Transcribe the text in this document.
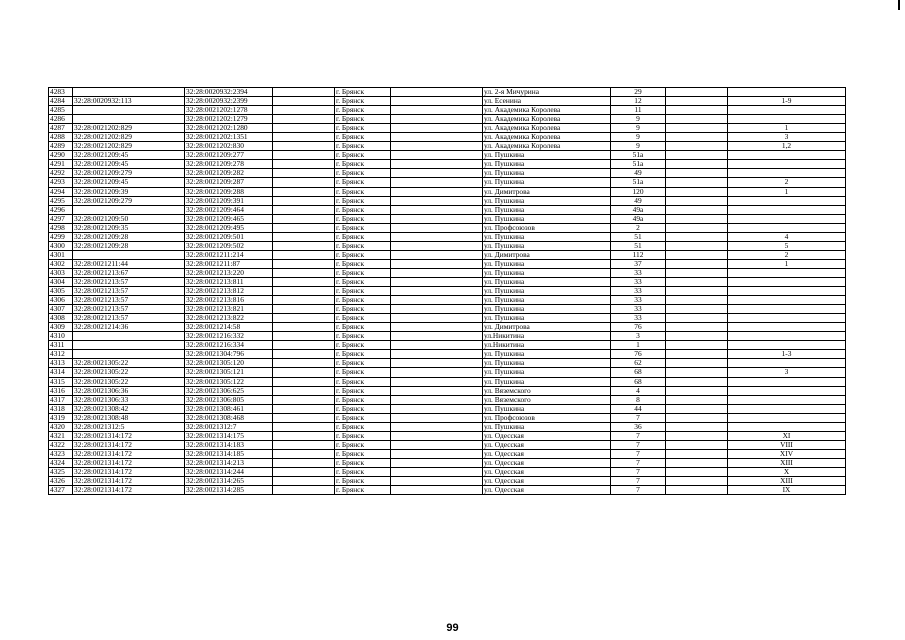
4283		32:28:0020932:2394		г. Брянск		ул. 2-я Мичурина	29		
4284	32:28:0020932:113	32:28:0020932:2399		г. Брянск		ул. Есенина	12		1-9
4285		32:28:0021202:1278		г. Брянск		ул. Академика Королева	11		
4286		32:28:0021202:1279		г. Брянск		ул. Академика Королева	9		
4287	32:28:0021202:829	32:28:0021202:1280		г. Брянск		ул. Академика Королева	9		1
4288	32:28:0021202:829	32:28:0021202:1351		г. Брянск		ул. Академика Королева	9		3
4289	32:28:0021202:829	32:28:0021202:830		г. Брянск		ул. Академика Королева	9		1,2
4290	32:28:0021209:45	32:28:0021209:277		г. Брянск		ул. Пушкина	51а		
4291	32:28:0021209:45	32:28:0021209:278		г. Брянск		ул. Пушкина	51а		
4292	32:28:0021209:279	32:28:0021209:282		г. Брянск		ул. Пушкина	49		
4293	32:28:0021209:45	32:28:0021209:287		г. Брянск		ул. Пушкина	51а		2
4294	32:28:0021209:39	32:28:0021209:288		г. Брянск		ул. Димитрова	120		1
4295	32:28:0021209:279	32:28:0021209:391		г. Брянск		ул. Пушкина	49		
4296		32:28:0021209:464		г. Брянск		ул. Пушкина	49а		
4297	32:28:0021209:50	32:28:0021209:465		г. Брянск		ул. Пушкина	49а		
4298	32:28:0021209:35	32:28:0021209:495		г. Брянск		ул. Профсоюзов	2		
4299	32:28:0021209:28	32:28:0021209:501		г. Брянск		ул. Пушкина	51		4
4300	32:28:0021209:28	32:28:0021209:502		г. Брянск		ул. Пушкина	51		5
4301		32:28:0021211:214		г. Брянск		ул. Димитрова	112		2
4302	32:28:0021211:44	32:28:0021211:87		г. Брянск		ул. Пушкина	37		1
4303	32:28:0021213:67	32:28:0021213:220		г. Брянск		ул. Пушкина	33		
4304	32:28:0021213:57	32:28:0021213:811		г. Брянск		ул. Пушкина	33		
4305	32:28:0021213:57	32:28:0021213:812		г. Брянск		ул. Пушкина	33		
4306	32:28:0021213:57	32:28:0021213:816		г. Брянск		ул. Пушкина	33		
4307	32:28:0021213:57	32:28:0021213:821		г. Брянск		ул. Пушкина	33		
4308	32:28:0021213:57	32:28:0021213:822		г. Брянск		ул. Пушкина	33		
4309	32:28:0021214:36	32:28:0021214:58		г. Брянск		ул. Димитрова	76		
4310		32:28:0021216:332		г. Брянск		ул.Никитина	3		
4311		32:28:0021216:334		г. Брянск		ул.Никитина	1		
4312		32:28:0021304:796		г. Брянск		ул. Пушкина	76		1-3
4313	32:28:0021305:22	32:28:0021305:120		г. Брянск		ул. Пушкина	62		
4314	32:28:0021305:22	32:28:0021305:121		г. Брянск		ул. Пушкина	68		3
4315	32:28:0021305:22	32:28:0021305:122		г. Брянск		ул. Пушкина	68		
4316	32:28:0021306:36	32:28:0021306:625		г. Брянск		ул. Вяземского	4		
4317	32:28:0021306:33	32:28:0021306:805		г. Брянск		ул. Вяземского	8		
4318	32:28:0021308:42	32:28:0021308:461		г. Брянск		ул. Пушкина	44		
4319	32:28:0021308:48	32:28:0021308:468		г. Брянск		ул. Профсоюзов	7		
4320	32:28:0021312:5	32:28:0021312:7		г. Брянск		ул. Пушкина	36		
4321	32:28:0021314:172	32:28:0021314:175		г. Брянск		ул. Одесская	7		XI
4322	32:28:0021314:172	32:28:0021314:183		г. Брянск		ул. Одесская	7		VIII
4323	32:28:0021314:172	32:28:0021314:185		г. Брянск		ул. Одесская	7		XIV
4324	32:28:0021314:172	32:28:0021314:213		г. Брянск		ул. Одесская	7		XIII
4325	32:28:0021314:172	32:28:0021314:244		г. Брянск		ул. Одесская	7		X
4326	32:28:0021314:172	32:28:0021314:265		г. Брянск		ул. Одесская	7		XIII
4327	32:28:0021314:172	32:28:0021314:285		г. Брянск		ул. Одесская	7		IX
99
